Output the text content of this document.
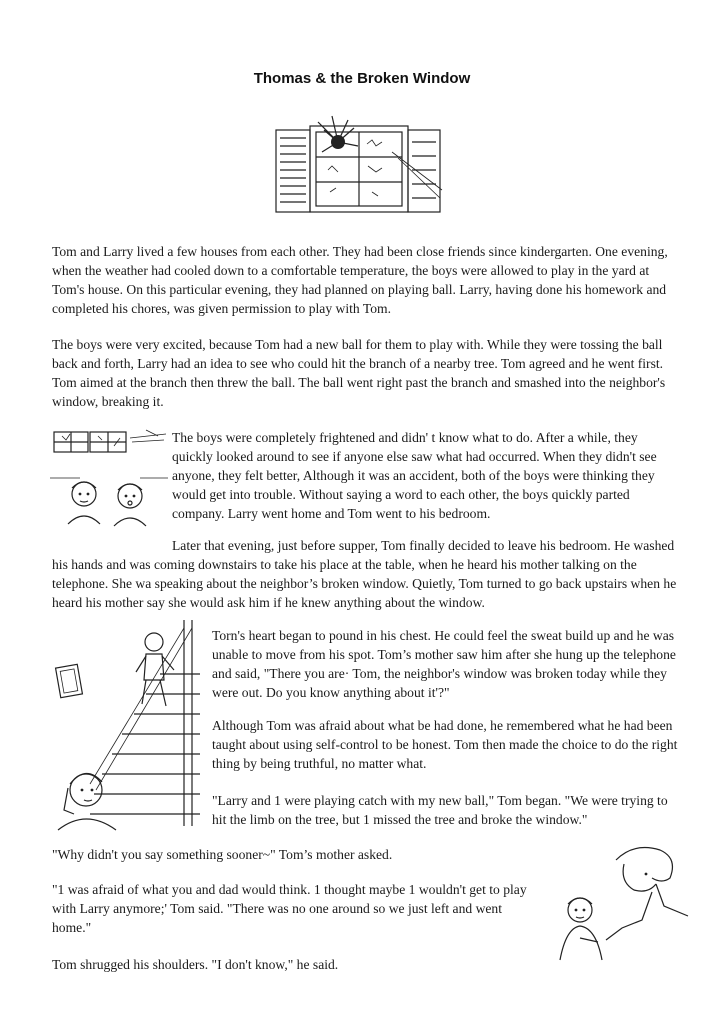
Thomas & the Broken Window

Tom and Larry lived a few houses from each other. They had been close friends since kindergarten. One evening, when the weather had cooled down to a comfortable temperature, the boys were allowed to play in the yard at Tom's house. On this particular evening, they had planned on playing ball. Larry, having done his homework and completed his chores, was given permission to play with Tom.

The boys were very excited, because Tom had a new ball for them to play with. While they were tossing the ball back and forth, Larry had an idea to see who could hit the branch of a nearby tree. Tom agreed and he went first. Tom aimed at the branch then threw the ball. The ball went right past the branch and smashed into the neighbor's window, breaking it.

The boys were completely frightened and didn' t know what to do. After a while, they quickly looked around to see if anyone else saw what had occurred. When they didn't see anyone, they felt better, Although it was an accident, both of the boys were thinking they would get into trouble. Without saying a word to each other, the boys quickly parted company. Larry went home and Tom went to his bedroom.

Later that evening, just before supper, Tom finally decided to leave his bedroom. He washed his hands and was coming downstairs to take his place at the table, when he heard his mother talking on the telephone. She wa speaking about the neighbor’s broken window. Quietly, Tom turned to go back upstairs when he heard his mother say she would ask him if he knew anything about the window.

Torn's heart began to pound in his chest. He could feel the sweat build up and he was unable to move from his spot. Tom’s mother saw him after she hung up the telephone and said, "There you are· Tom, the neighbor's window was broken today while they were out. Do you know anything about it'?"

Although Tom was afraid about what be had done, he remembered what he had been taught about using self-control to be honest. Tom then made the choice to do the right thing by being truthful, no matter what.

"Larry and 1 were playing catch with my new ball," Tom began. "We were trying to hit the limb on the tree, but 1 missed the tree and broke the window."

"Why didn't you say something sooner~" Tom’s mother asked.

"1 was afraid of what you and dad would think. 1 thought maybe 1 wouldn't get to play with Larry anymore;' Tom said. "There was no one around so we just left and went home."

Tom shrugged his shoulders. "I don't know," he said.
